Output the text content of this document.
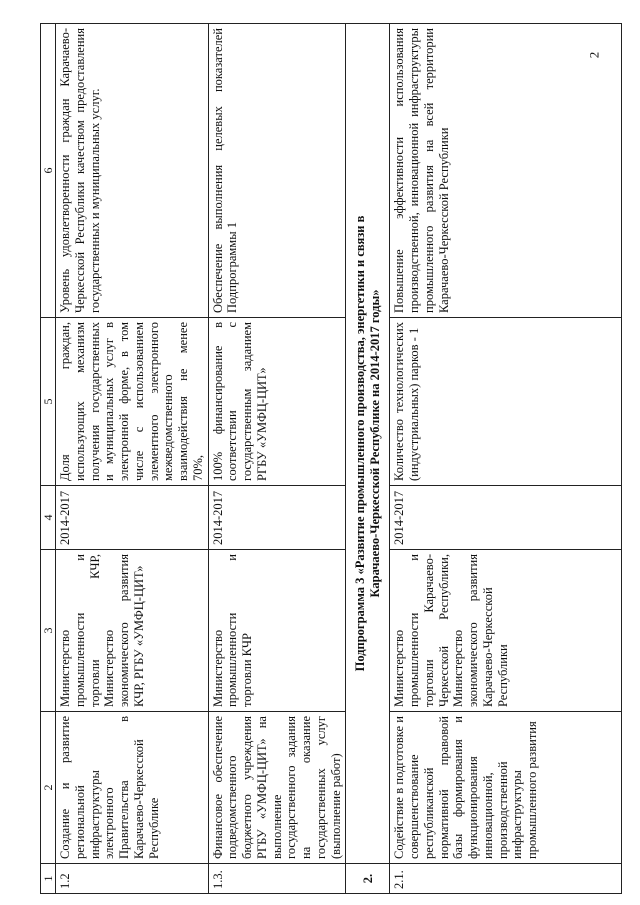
2
1	2	3	4	5	6
1.2	Создание и развитие региональной инфраструктуры электронного Правительства в Карачаево-Черкесской Республике	Министерство промышленности и торговли КЧР, Министерство экономического развития КЧР, РГБУ «УМФЦ-ЦИТ»	2014-2017	Доля граждан, использующих механизм получения государственных и муниципальных услуг в электронной форме, в том числе с использованием элементного электронного межведомственного взаимодействия не менее 70%,	Уровень удовлетворенности граждан Карачаево-Черкесской Республики качеством предоставления государственных и муниципальных услуг.
1.3.	Финансовое обеспечение подведомственного бюджетного учреждения РГБУ «УМФЦ-ЦИТ» на выполнение государственного задания на оказание государственных услуг (выполнение работ)	Министерство промышленности и торговли КЧР	2014-2017	100% финансирование в соответствии с государственным заданием РГБУ «УМФЦ-ЦИТ»	Обеспечение выполнения целевых показателей Подпрограммы 1
2.	Подпрограмма 3 «Развитие промышленного производства, энергетики и связи в Карачаево-Черкесской Республике на 2014-2017 годы»				

2.1.	Содействие в подготовке и совершенствование республиканской нормативной правовой базы формирования и функционирования инновационной, производственной инфраструктуры промышленного развития	Министерство промышленности и торговли Карачаево-Черкесской Республики, Министерство экономического развития Карачаево-Черкесской Республики	2014-2017	Количество технологических (индустриальных) парков - 1	Повышение эффективности использования производственной, инновационной инфраструктуры промышленного развития на всей территории Карачаево-Черкесской Республики
